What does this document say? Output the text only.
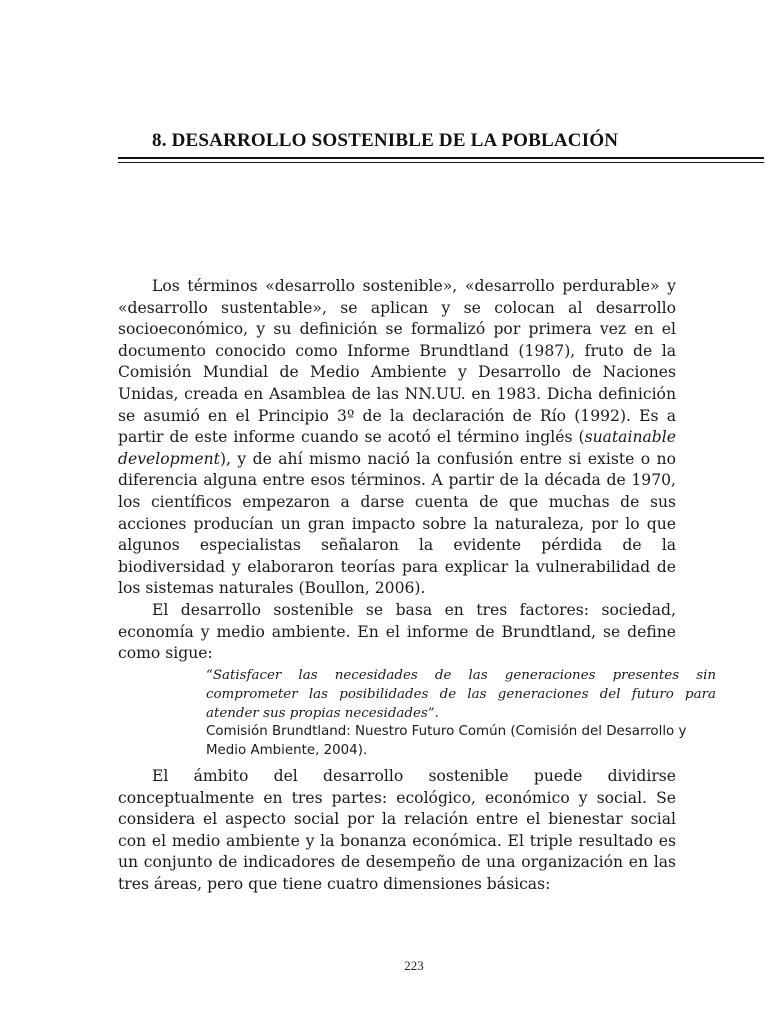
8. DESARROLLO SOSTENIBLE DE LA POBLACIÓN

Los términos «desarrollo sostenible», «desarrollo perdurable» y «desarrollo sustentable», se aplican y se colocan al desarrollo socioeconómico, y su definición se formalizó por primera vez en el documento conocido como Informe Brundtland (1987), fruto de la Comisión Mundial de Medio Ambiente y Desarrollo de Naciones Unidas, creada en Asamblea de las NN.UU. en 1983. Dicha definición se asumió en el Principio 3º de la declaración de Río (1992). Es a partir de este informe cuando se acotó el término inglés (suatainable development), y de ahí mismo nació la confusión entre si existe o no diferencia alguna entre esos términos. A partir de la década de 1970, los científicos empezaron a darse cuenta de que muchas de sus acciones producían un gran impacto sobre la naturaleza, por lo que algunos especialistas señalaron la evidente pérdida de la biodiversidad y elaboraron teorías para explicar la vulnerabilidad de los sistemas naturales (Boullon, 2006).

El desarrollo sostenible se basa en tres factores: sociedad, economía y medio ambiente. En el informe de Brundtland, se define como sigue:

“Satisfacer las necesidades de las generaciones presentes sin comprometer las posibilidades de las generaciones del futuro para atender sus propias necesidades”.

Comisión Brundtland: Nuestro Futuro Común (Comisión del Desarrollo y Medio Ambiente, 2004).

El ámbito del desarrollo sostenible puede dividirse conceptualmente en tres partes: ecológico, económico y social. Se considera el aspecto social por la relación entre el bienestar social con el medio ambiente y la bonanza económica. El triple resultado es un conjunto de indicadores de desempeño de una organización en las tres áreas, pero que tiene cuatro dimensiones básicas:

223
